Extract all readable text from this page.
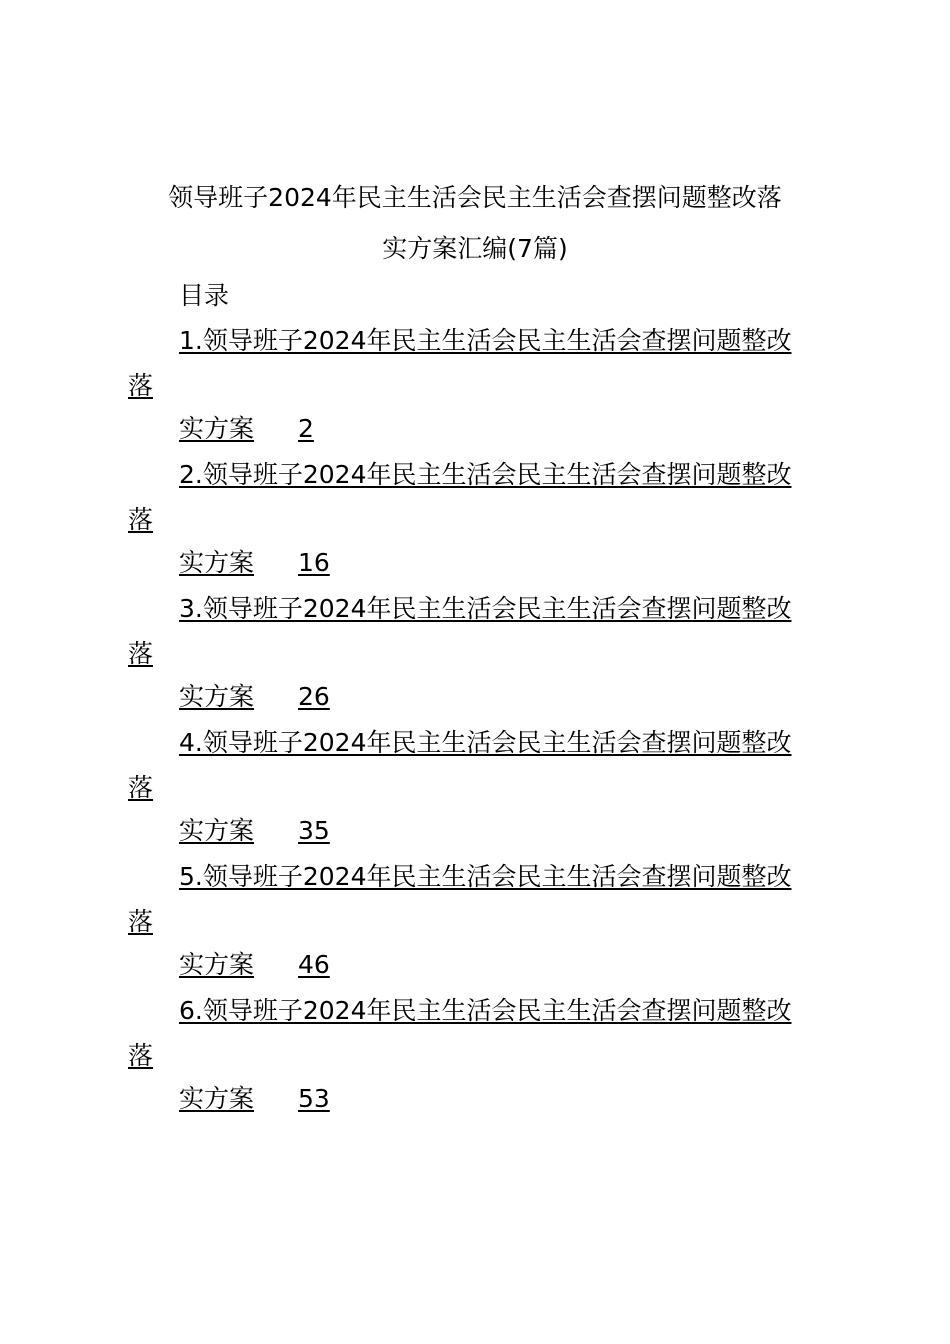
领导班子2024年民主生活会民主生活会查摆问题整改落
实方案汇编(7篇)
目录
1.领导班子2024年民主生活会民主生活会查摆问题整改
落
实方案 2
2.领导班子2024年民主生活会民主生活会查摆问题整改
落
实方案 16
3.领导班子2024年民主生活会民主生活会查摆问题整改
落
实方案 26
4.领导班子2024年民主生活会民主生活会查摆问题整改
落
实方案 35
5.领导班子2024年民主生活会民主生活会查摆问题整改
落
实方案 46
6.领导班子2024年民主生活会民主生活会查摆问题整改
落
实方案 53
